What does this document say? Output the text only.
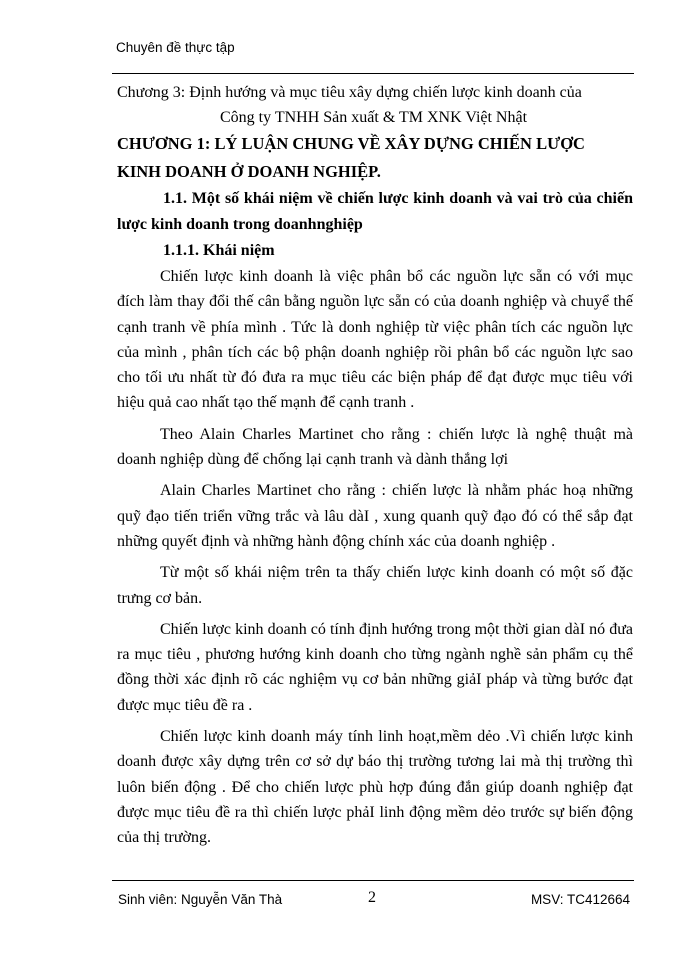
Chuyên đề thực tập

Chương 3: Định hướng và mục tiêu xây dựng chiến lược kinh doanh của
Công ty TNHH Sản xuất & TM XNK Việt Nhật

CHƯƠNG 1: LÝ LUẬN CHUNG VỀ XÂY DỰNG CHIẾN LƯỢC KINH DOANH Ở DOANH NGHIỆP.

1.1. Một số khái niệm về chiến lược kinh doanh và vai trò của chiến lược kinh doanh trong doanhnghiệp

1.1.1. Khái niệm

Chiến lược kinh doanh là việc phân bổ các nguồn lực sẵn có với mục đích làm thay đổi thế cân bằng nguồn lực sẵn có của doanh nghiệp và chuyể thế cạnh tranh về phía mình . Tức là donh nghiệp từ việc phân tích các nguồn lực của mình , phân tích các bộ phận doanh nghiệp rồi phân bổ các nguồn lực sao cho tối ưu nhất từ đó đưa ra mục tiêu các biện pháp để đạt được mục tiêu với hiệu quả cao nhất tạo thế mạnh để cạnh tranh .

Theo Alain Charles Martinet cho rằng : chiến lược là nghệ thuật mà doanh nghiệp dùng để chống lại cạnh tranh và dành thắng lợi

Alain Charles Martinet cho rằng : chiến lược là nhằm phác hoạ những quỹ đạo tiến triển vững trắc và lâu dàI , xung quanh quỹ đạo đó có thể sắp đạt những quyết định và những hành động chính xác của doanh nghiệp .

Từ một số khái niệm trên ta thấy chiến lược kinh doanh có một số đặc trưng cơ bản.

Chiến lược kinh doanh có tính định hướng trong một thời gian dàI nó đưa ra mục tiêu , phương hướng kinh doanh cho từng ngành nghề sản phẩm cụ thể đồng thời xác định rõ các nghiệm vụ cơ bản những giảI pháp và từng bước đạt được mục tiêu đề ra .

Chiến lược kinh doanh máy tính linh hoạt,mềm dẻo .Vì chiến lược kinh doanh được xây dựng trên cơ sở dự báo thị trường tương lai mà thị trường thì luôn biến động . Để cho chiến lược phù hợp đúng đắn giúp doanh nghiệp đạt được mục tiêu đề ra thì chiến lược phảI linh động mềm dẻo trước sự biến động của thị trường.

Sinh viên: Nguyễn Văn Thà	2	MSV: TC412664
